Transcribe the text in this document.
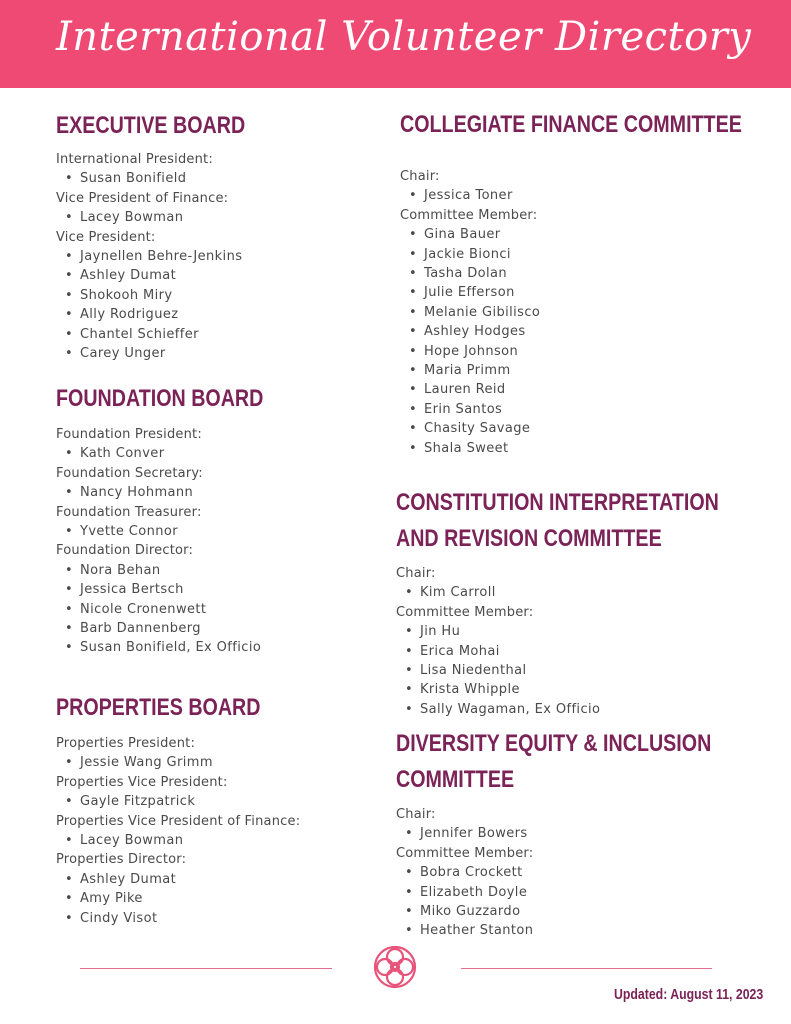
International Volunteer Directory
EXECUTIVE BOARD
International President:
• Susan Bonifield
Vice President of Finance:
• Lacey Bowman
Vice President:
• Jaynellen Behre-Jenkins
• Ashley Dumat
• Shokooh Miry
• Ally Rodriguez
• Chantel Schieffer
• Carey Unger
FOUNDATION BOARD
Foundation President:
• Kath Conver
Foundation Secretary:
• Nancy Hohmann
Foundation Treasurer:
• Yvette Connor
Foundation Director:
• Nora Behan
• Jessica Bertsch
• Nicole Cronenwett
• Barb Dannenberg
• Susan Bonifield, Ex Officio
PROPERTIES BOARD
Properties President:
• Jessie Wang Grimm
Properties Vice President:
• Gayle Fitzpatrick
Properties Vice President of Finance:
• Lacey Bowman
Properties Director:
• Ashley Dumat
• Amy Pike
• Cindy Visot
COLLEGIATE FINANCE COMMITTEE
Chair:
• Jessica Toner
Committee Member:
• Gina Bauer
• Jackie Bionci
• Tasha Dolan
• Julie Efferson
• Melanie Gibilisco
• Ashley Hodges
• Hope Johnson
• Maria Primm
• Lauren Reid
• Erin Santos
• Chasity Savage
• Shala Sweet
CONSTITUTION INTERPRETATION
AND REVISION COMMITTEE
Chair:
• Kim Carroll
Committee Member:
• Jin Hu
• Erica Mohai
• Lisa Niedenthal
• Krista Whipple
• Sally Wagaman, Ex Officio
DIVERSITY EQUITY & INCLUSION
COMMITTEE
Chair:
• Jennifer Bowers
Committee Member:
• Bobra Crockett
• Elizabeth Doyle
• Miko Guzzardo
• Heather Stanton

Updated: August 11, 2023
